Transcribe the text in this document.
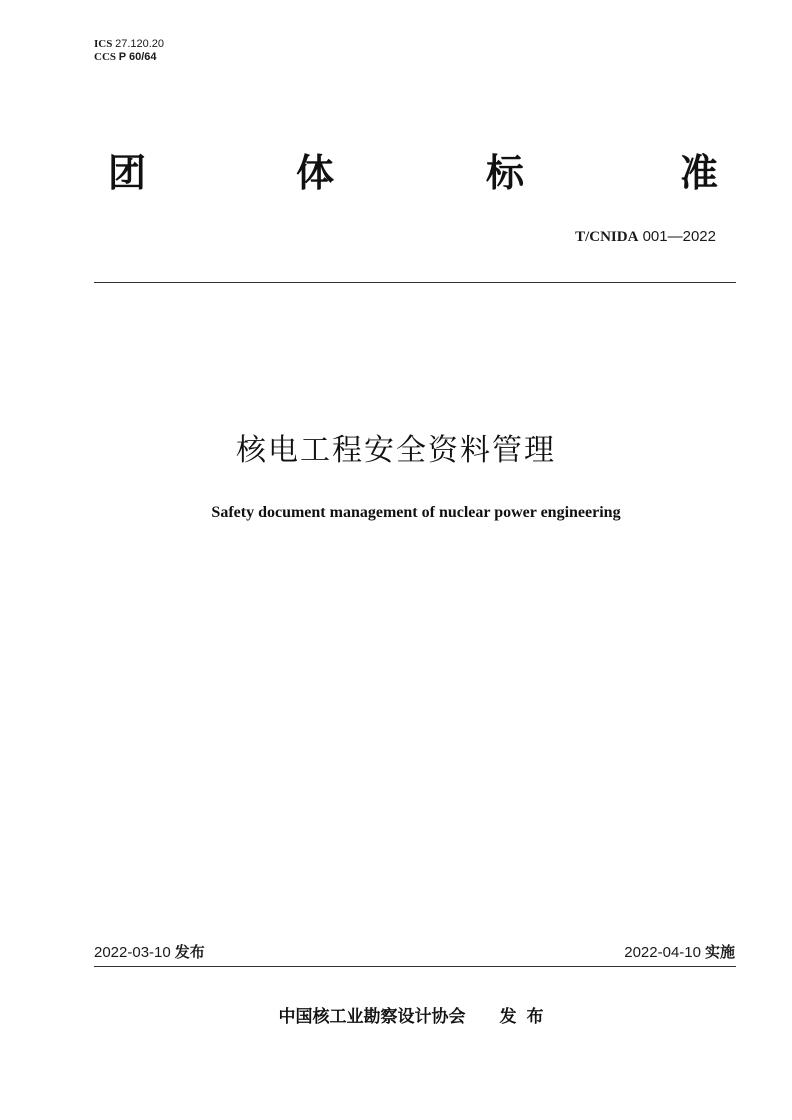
ICS 27.120.20
CCS P 60/64
团	体	标	准
T/CNIDA 001—2022
核电工程安全资料管理
Safety document management of nuclear power engineering
2022-03-10 发布	2022-04-10 实施
中国核工业勘察设计协会 发布
